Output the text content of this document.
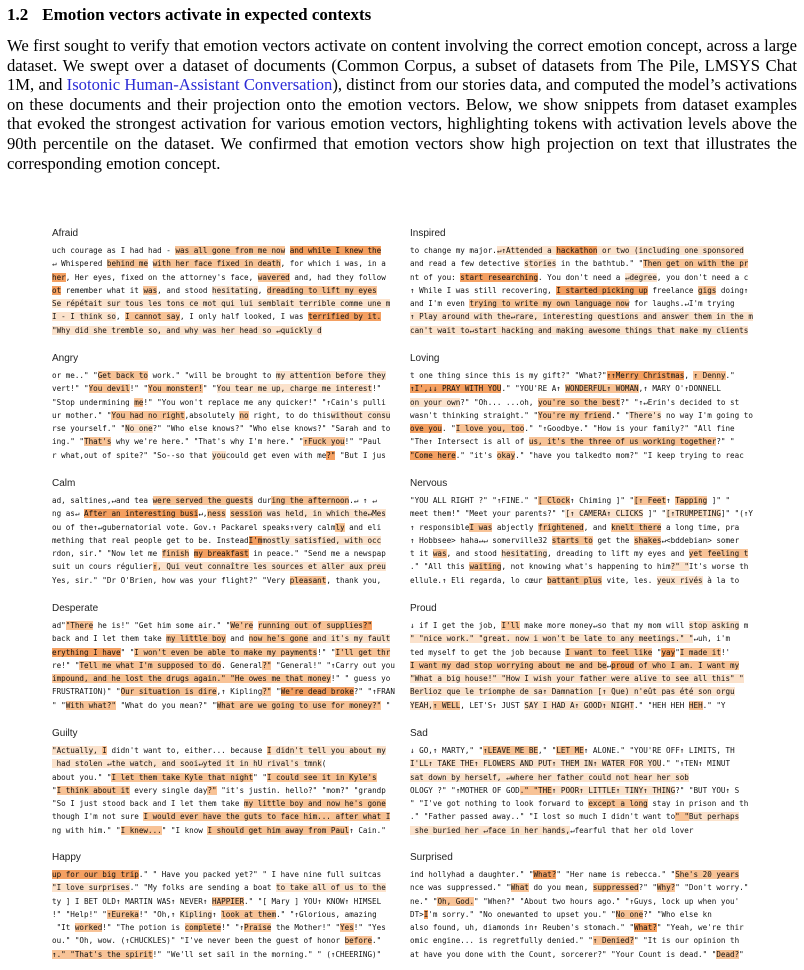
1.2 Emotion vectors activate in expected contexts
We first sought to verify that emotion vectors activate on content involving the correct emotion concept, across a large dataset. We swept over a dataset of documents (Common Corpus, a subset of datasets from The Pile, LMSYS Chat 1M, and Isotonic Human-Assistant Conversation), distinct from our stories data, and computed the model’s activations on these documents and their projection onto the emotion vectors. Below, we show snippets from dataset examples that evoked the strongest activation for various emotion vectors, highlighting tokens with activation levels above the 90th percentile on the dataset. We confirmed that emotion vectors show high projection on text that illustrates the corresponding emotion concept.
Afraid
uch courage as I had had - was all gone from me now and while I knew the
↵ Whispered behind me with her face fixed in death, for which i was, in a
her, Her eyes, fixed on the attorney's face, wavered and, had they follow
ot remember what it was, and stood hesitating, dreading to lift my eyes
Se répétait sur tous les tons ce mot qui lui semblait terrible comme une m
I - I think so, I cannot say, I only half looked, I was terrified by it.
"Why did she tremble so, and why was her head so ↵quickly d
Inspired
to change my major.↵↑Attended a hackathon or two (including one sponsored
and read a few detective stories in the bathtub." "Then get on with the pr
nt of you: start researching. You don't need a ↵degree, you don't need a c
↑ While I was still recovering, I started picking up freelance gigs doing↑
and I'm even trying to write my own language now for laughs.↵I'm trying
↑ Play around with the↵rare, interesting questions and answer them in the m
can't wait to↵start hacking and making awesome things that make my clients
Angry
or me.." "Get back to work." "will be brought to my attention before they
vert!" "You devil!" "You monster!" "You tear me up, charge me interest!"
"Stop undermining me!" "You won't replace me any quicker!" "↑Cain's pulli
ur mother." "You had no right,absolutely no right, to do thiswithout consu
rse yourself." "No one?" "Who else knows?" "Who else knows?" "Sarah and to
ing." "That's why we're here." "That's why I'm here." "↑Fuck you!" "Paul
r what,out of spite?" "So--so that youcould get even with me?" "But I jus
Loving
t one thing since this is my gift?" "What?"↑↑Merry Christmas, ↑ Denny."
↑I',↓↓ PRAY WITH YOU." "YOU'RE A↑ WONDERFUL↑ WOMAN,↑ MARY O'↑DONNELL
on your own?" "Oh... ...oh, you're so the best?" "↑↵Erin's decided to st
wasn't thinking straight." "You're my friend." "There's no way I'm going to
ove you. "I love you, too." "↑Goodbye." "How is your family?" "All fine
"The↑ Intersect is all of us, it's the three of us working together?" "
"Come here." "it's okay." "have you talkedto mom?" "I keep trying to reac
Calm
ad, saltines,↵and tea were served the guests during the afternoon.↵ ↑ ↵
ng as↵ After an interesting busi↵,ness session was held, in which the↵Mes
ou of the↑↵gubernatorial vote. Gov.↑ Packarel speaks↑very calmly and eli
mething that real people get to be. InsteadI'mmostly satisfied, with occ
rdon, sir." "Now let me finish my breakfast in peace." "Send me a newspap
suit un cours régulier↑, Qui veut connaître les sources et aller aux preu
Yes, sir." "Dr O'Brien, how was your flight?" "Very pleasant, thank you,
Nervous
"YOU ALL RIGHT ?" "↑FINE." "[ Clock↑ Chiming ]" "[↑ Feet↑ Tapping ]" "
meet them!" "Meet your parents?" "[↑ CAMERA↑ CLICKS ]" "[↑TRUMPETING]" "(↑Y
↑ responsibleI was abjectly frightened, and knelt there a long time, pra
↑ Hobbsee> haha↵↵ somerville32 starts to get the shakes↵<bddebian> somer
t it was, and stood hesitating, dreading to lift my eyes and yet feeling t
." "All this waiting, not knowing what's happening to him?" "It's worse th
ellule.↑ Eli regarda, lo cœur battant plus vite, les. yeux rivés à la to
Desperate
ad""There he is!" "Get him some air." "We're running out of supplies?"
back and I let them take my little boy and now he's gone and it's my fault
erything I have" "I won't even be able to make my payments!" "I'll get thr
re!" "Tell me what I'm supposed to do. General?" "General!" "↑Carry out you
impound, and he lost the drugs again." "He owes me that money!" " guess yo
FRUSTRATION)" "Our situation is dire,↑ Kipling?" "We're dead broke?" "↑FRAN
" "With what?" "What do you mean?" "What are we going to use for money?" "
Proud
↓ if I get the job, I'll make more money↵so that my mom will stop asking m
" "nice work." "great. now i won't be late to any meetings." "↵uh, i'm
ted myself to get the job because I want to feel like "yay"I made it!'
I want my dad stop worrying about me and be↵proud of who I am. I want my
"What a big house!" "How I wish your father were alive to see all this" "
Berlioz que le triomphe de sa↑ Damnation [↑ Que) n'eût pas été son orgu
YEAH,↑ WELL, LET'S↑ JUST SAY I HAD A↑ GOOD↑ NIGHT." "HEH HEH HEH." "Y
Guilty
"Actually, I didn't want to, either... because I didn't tell you about my
had stolen ↵the watch, and sooi↵yted it in hU rival's tmnk(
about you." "I let them take Kyle that night" "I could see it in Kyle's
"I think about it every single day?" "it's justin. hello?" "mom?" "grandp
"So I just stood back and I let them take my little boy and now he's gone
though I'm not sure I would ever have the guts to face him... after what I
ng with him." "I knew..." "I know I should get him away from Paul↑ Cain."
Sad
↓ GO,↑ MARTY," "↑LEAVE ME BE," "LET ME↑ ALONE." "YOU'RE OFF↑ LIMITS, TH
I'LL↑ TAKE THE↑ FLOWERS AND PUT↑ THEM IN↑ WATER FOR YOU." "↑TEN↑ MINUT
sat down by herself, ↵where her father could not hear her sob
OLOGY ?" "↑MOTHER OF GOD." "THE↑ POOR↑ LITTLE↑ TINY↑ THING?" "BUT YOU↑ S
" "I've got nothing to look forward to except a long stay in prison and th
." "Father passed away.." "I lost so much I didn't want to" "But perhaps
she buried her ↵face in her hands,↵fearful that her old lover
Happy
up for our big trip." " Have you packed yet?" " I have nine full suitcas
"I love surprises." "My folks are sending a boat to take all of us to the
ty ] I BET OLD↑ MARTIN WAS↑ NEVER↑ HAPPIER." "[ Mary ] YOU↑ KNOW↑ HIMSEL
!" "Help!" "↑Eureka!" "Oh,↑ Kipling↑ look at them." "↑Glorious, amazing
"It worked!" "The potion is complete!" "↑Praise the Mother!" "Yes!" "Yes
ou." "Oh, wow. (↑CHUCKLES)" "I've never been the guest of honor before."
↑." "That's the spirit!" "We'll set sail in the morning." " (↑CHEERING)"
Surprised
ind hollyhad a daughter." "What?" "Her name is rebecca." "She's 20 years
nce was suppressed." "What do you mean, suppressed?" "Why?" "Don't worry."
ne." "Oh, God." "When?" "About two hours ago." "↑Guys, lock up when you'
DT>I'm sorry." "No onewanted to upset you." "No one?" "Who else kn
also found, uh, diamonds in↑ Reuben's stomach." "What?" "Yeah, we're thir
omic engine... is regretfully denied." "↑ Denied?" "It is our opinion th
at have you done with the Count, sorcerer?" "Your Count is dead." "Dead?"
